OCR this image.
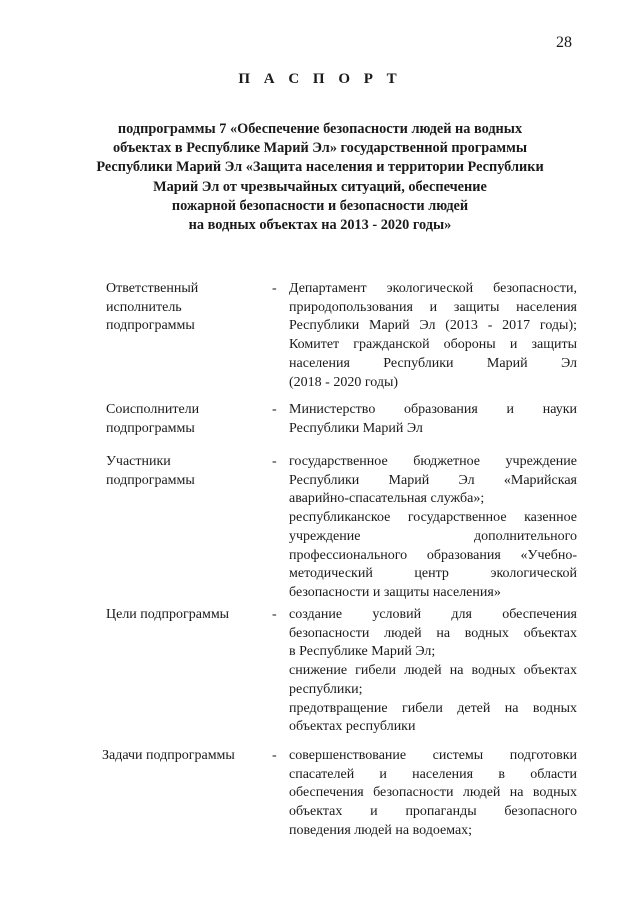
28
П А С П О Р Т
подпрограммы 7 «Обеспечение безопасности людей на водных
объектах в Республике Марий Эл» государственной программы
Республики Марий Эл «Защита населения и территории Республики
Марий Эл от чрезвычайных ситуаций, обеспечение
пожарной безопасности и безопасности людей
на водных объектах на 2013 - 2020 годы»
Ответственный
исполнитель
подпрограммы
- Департамент экологической безопасности,
природопользования и защиты населения
Республики Марий Эл (2013 - 2017 годы);
Комитет гражданской обороны и защиты
населения Республики Марий Эл
(2018 - 2020 годы)
Соисполнители
подпрограммы
- Министерство образования и науки
Республики Марий Эл
Участники
подпрограммы
- государственное бюджетное учреждение
Республики Марий Эл «Марийская
аварийно-спасательная служба»;
республиканское государственное казенное
учреждение дополнительного
профессионального образования «Учебно-
методический центр экологической
безопасности и защиты населения»
Цели подпрограммы	- создание условий для обеспечения
безопасности людей на водных объектах
в Республике Марий Эл;
снижение гибели людей на водных объектах
республики;
предотвращение гибели детей на водных
объектах республики
Задачи подпрограммы	- совершенствование системы подготовки
спасателей и населения в области
обеспечения безопасности людей на водных
объектах и пропаганды безопасного
поведения людей на водоемах;
